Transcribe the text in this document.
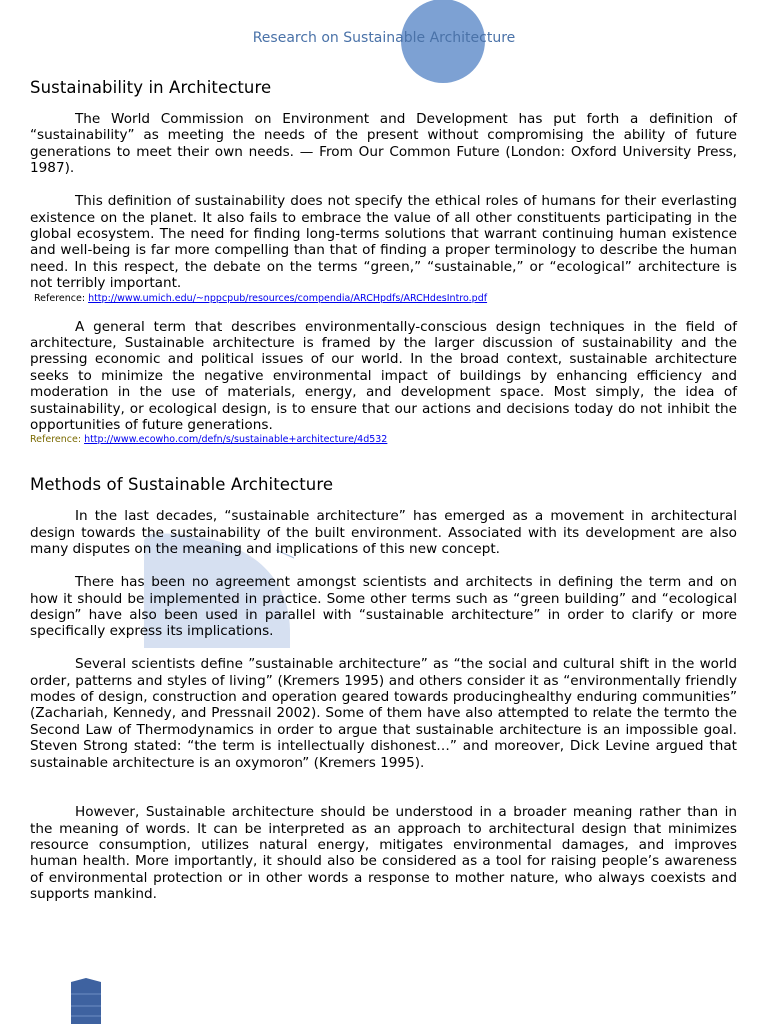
Research on Sustainable Architecture
Sustainability in Architecture

The World Commission on Environment and Development has put forth a definition of “sustainability” as meeting the needs of the present without compromising the ability of future generations to meet their own needs. — From Our Common Future (London: Oxford University Press, 1987).

This definition of sustainability does not specify the ethical roles of humans for their everlasting existence on the planet. It also fails to embrace the value of all other constituents participating in the global ecosystem. The need for finding long-terms solutions that warrant continuing human existence and well-being is far more compelling than that of finding a proper terminology to describe the human need. In this respect, the debate on the terms “green,” “sustainable,” or “ecological” architecture is not terribly important.

Reference: http://www.umich.edu/~nppcpub/resources/compendia/ARCHpdfs/ARCHdesIntro.pdf

A general term that describes environmentally-conscious design techniques in the field of architecture, Sustainable architecture is framed by the larger discussion of sustainability and the pressing economic and political issues of our world. In the broad context, sustainable architecture seeks to minimize the negative environmental impact of buildings by enhancing efficiency and moderation in the use of materials, energy, and development space. Most simply, the idea of sustainability, or ecological design, is to ensure that our actions and decisions today do not inhibit the opportunities of future generations.

Reference: http://www.ecowho.com/defn/s/sustainable+architecture/4d532
Methods of Sustainable Architecture

In the last decades, “sustainable architecture” has emerged as a movement in architectural design towards the sustainability of the built environment. Associated with its development are also many disputes on the meaning and implications of this new concept.

There has been no agreement amongst scientists and architects in defining the term and on how it should be implemented in practice. Some other terms such as “green building” and “ecological design” have also been used in parallel with “sustainable architecture” in order to clarify or more specifically express its implications.

Several scientists define ”sustainable architecture” as “the social and cultural shift in the world order, patterns and styles of living” (Kremers 1995) and others consider it as “environmentally friendly modes of design, construction and operation geared towards producinghealthy enduring communities” (Zachariah, Kennedy, and Pressnail 2002). Some of them have also attempted to relate the termto the Second Law of Thermodynamics in order to argue that sustainable architecture is an impossible goal. Steven Strong stated: “the term is intellectually dishonest…” and moreover, Dick Levine argued that sustainable architecture is an oxymoron” (Kremers 1995).

However, Sustainable architecture should be understood in a broader meaning rather than in the meaning of words. It can be interpreted as an approach to architectural design that minimizes resource consumption, utilizes natural energy, mitigates environmental damages, and improves human health. More importantly, it should also be considered as a tool for raising people’s awareness of environmental protection or in other words a response to mother nature, who always coexists and supports mankind.
